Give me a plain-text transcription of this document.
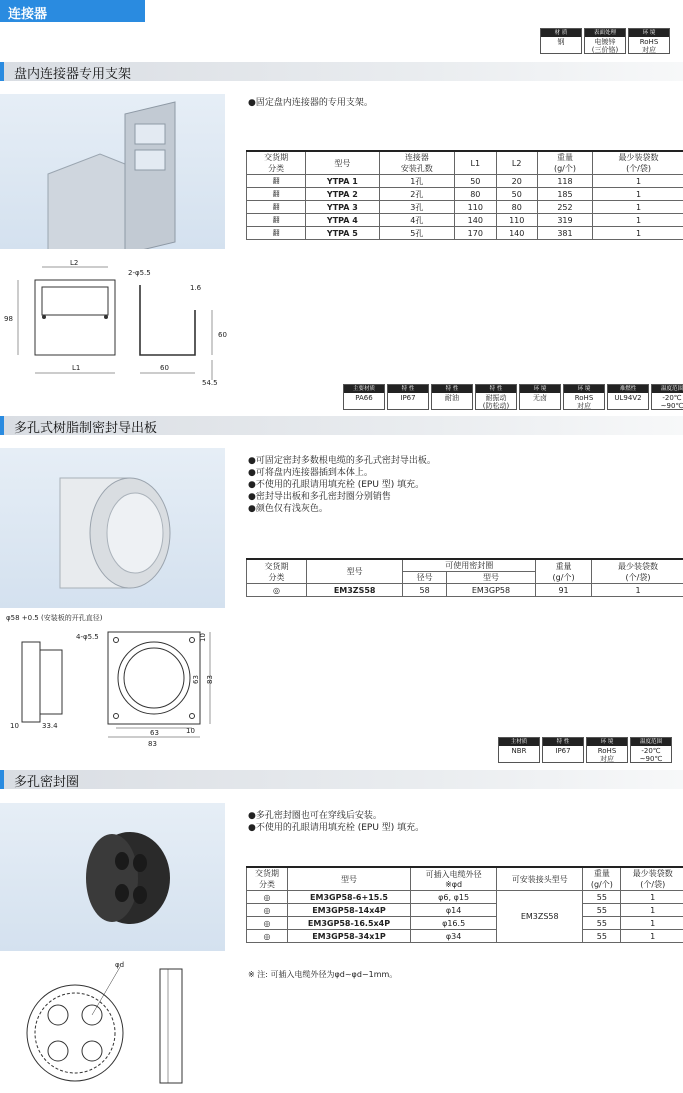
连接器
材 质
钢
表面处理
电镀锌
(三价铬)
环 境
RoHS
对应
盘内连接器专用支架
●固定盘内连接器的专用支架。
交货期
分类	型号	连接器
安装孔数	L1	L2	重量
(g/个)	最少装袋数
(个/袋)
翻	YTPA 1	1孔	50	20	118	1
翻	YTPA 2	2孔	80	50	185	1
翻	YTPA 3	3孔	110	80	252	1
翻	YTPA 4	4孔	140	110	319	1
翻	YTPA 5	5孔	170	140	381	1
L2
2-φ5.5
1.6
98
60
L1	60
54.5
主要材质
PA66
特 性
IP67
特 性
耐油
特 性
耐振动
(防松动)
环 境
无卤
环 境
RoHS
对应
难燃性
UL94V2
温度范围
-20℃
~90℃
多孔式树脂制密封导出板
●可固定密封多数根电缆的多孔式密封导出板。
●可将盘内连接器插到本体上。
●不使用的孔眼请用填充栓 (EPU 型) 填充。
●密封导出板和多孔密封圈分别销售
●颜色仅有浅灰色。
交货期
分类	型号	可使用密封圈		重量
(g/个)	最少装袋数
(个/袋)
		径号	型号		
◎	EM3ZS58	58	EM3GP58	91	1
φ58 +0.5 (安装板的开孔直径)
4-φ5.5	10
63 83
10	33.4
63
83
10
主材质
NBR
特 性
IP67
环 境
RoHS
对应
温度范围
-20℃
~90℃
多孔密封圈
●多孔密封圈也可在穿线后安装。
●不使用的孔眼请用填充栓 (EPU 型) 填充。
交货期
分类	型号	可插入电缆外径
※φd	可安装接头型号	重量
(g/个)	最少装袋数
(个/袋)
◎	EM3GP58-6+15.5	φ6, φ15	EM3ZS58	55	1
◎	EM3GP58-14x4P	φ14		55	1
◎	EM3GP58-16.5x4P	φ16.5		55	1
◎	EM3GP58-34x1P	φ34		55	1
※ 注: 可插入电缆外径为φd~φd−1mm。
φd
